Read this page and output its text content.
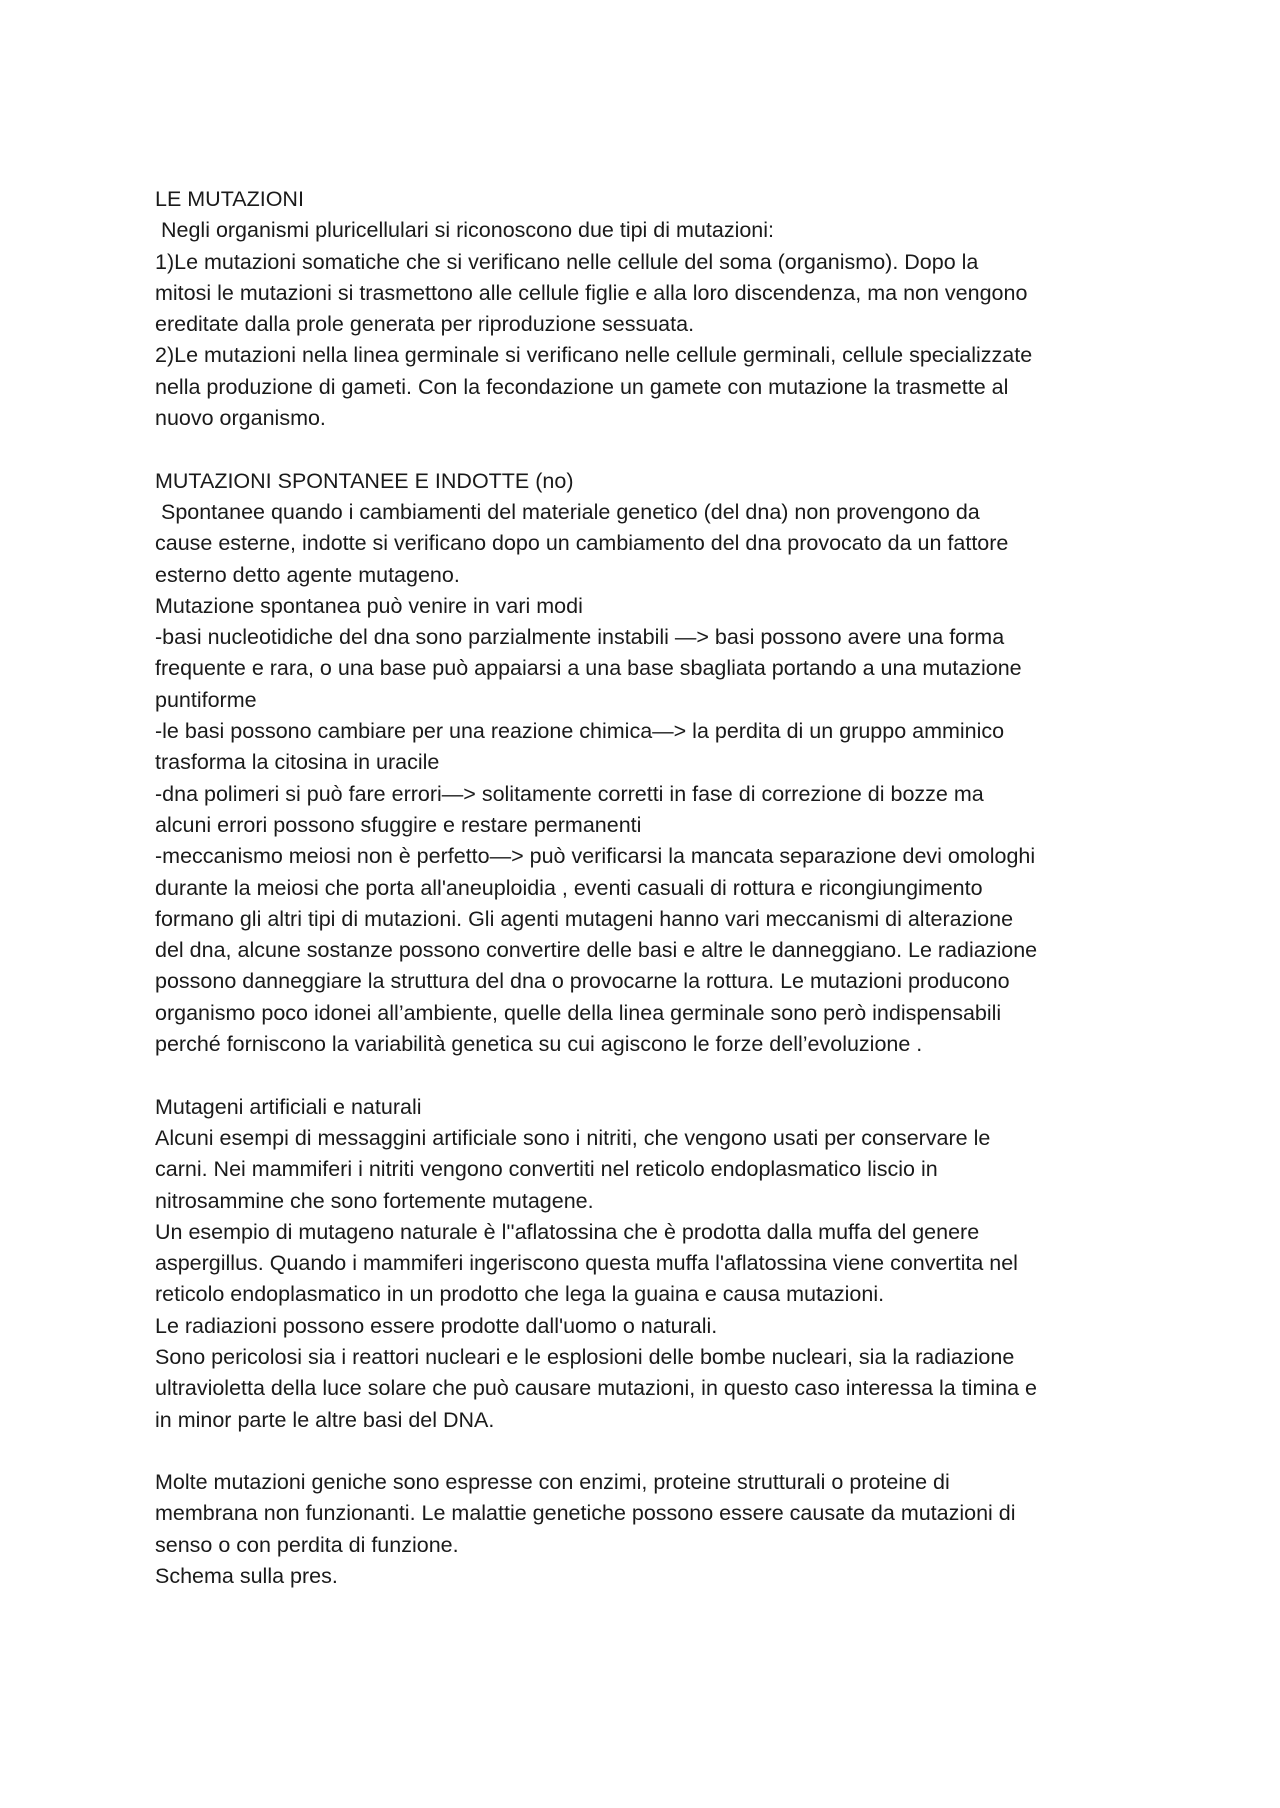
LE MUTAZIONI
Negli organismi pluricellulari si riconoscono due tipi di mutazioni:
1)Le mutazioni somatiche che si verificano nelle cellule del soma (organismo). Dopo la
mitosi le mutazioni si trasmettono alle cellule figlie e alla loro discendenza, ma non vengono
ereditate dalla prole generata per riproduzione sessuata.
2)Le mutazioni nella linea germinale si verificano nelle cellule germinali, cellule specializzate
nella produzione di gameti. Con la fecondazione un gamete con mutazione la trasmette al
nuovo organismo.
MUTAZIONI SPONTANEE E INDOTTE (no)
Spontanee quando i cambiamenti del materiale genetico (del dna) non provengono da
cause esterne, indotte si verificano dopo un cambiamento del dna provocato da un fattore
esterno detto agente mutageno.
Mutazione spontanea può venire in vari modi
-basi nucleotidiche del dna sono parzialmente instabili —> basi possono avere una forma
frequente e rara, o una base può appaiarsi a una base sbagliata portando a una mutazione
puntiforme
-le basi possono cambiare per una reazione chimica—> la perdita di un gruppo amminico
trasforma la citosina in uracile
-dna polimeri si può fare errori—> solitamente corretti in fase di correzione di bozze ma
alcuni errori possono sfuggire e restare permanenti
-meccanismo meiosi non è perfetto—> può verificarsi la mancata separazione devi omologhi
durante la meiosi che porta all'aneuploidia , eventi casuali di rottura e ricongiungimento
formano gli altri tipi di mutazioni. Gli agenti mutageni hanno vari meccanismi di alterazione
del dna, alcune sostanze possono convertire delle basi e altre le danneggiano. Le radiazione
possono danneggiare la struttura del dna o provocarne la rottura. Le mutazioni producono
organismo poco idonei all’ambiente, quelle della linea germinale sono però indispensabili
perché forniscono la variabilità genetica su cui agiscono le forze dell’evoluzione .
Mutageni artificiali e naturali
Alcuni esempi di messaggini artificiale sono i nitriti, che vengono usati per conservare le
carni. Nei mammiferi i nitriti vengono convertiti nel reticolo endoplasmatico liscio in
nitrosammine che sono fortemente mutagene.
Un esempio di mutageno naturale è l''aflatossina che è prodotta dalla muffa del genere
aspergillus. Quando i mammiferi ingeriscono questa muffa l'aflatossina viene convertita nel
reticolo endoplasmatico in un prodotto che lega la guaina e causa mutazioni.
Le radiazioni possono essere prodotte dall'uomo o naturali.
Sono pericolosi sia i reattori nucleari e le esplosioni delle bombe nucleari, sia la radiazione
ultravioletta della luce solare che può causare mutazioni, in questo caso interessa la timina e
in minor parte le altre basi del DNA.
Molte mutazioni geniche sono espresse con enzimi, proteine strutturali o proteine di
membrana non funzionanti. Le malattie genetiche possono essere causate da mutazioni di
senso o con perdita di funzione.
Schema sulla pres.
